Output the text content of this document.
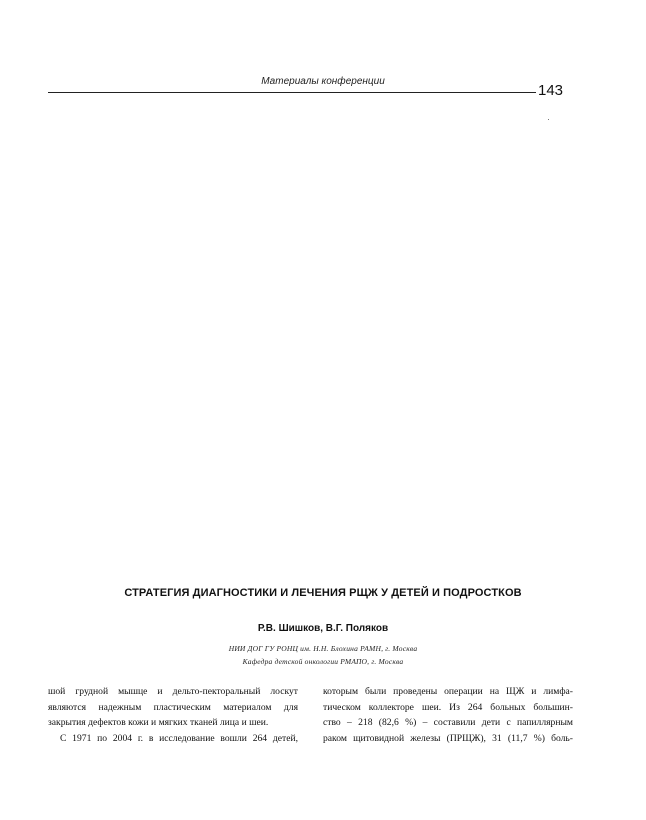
Материалы конференции
143
СТРАТЕГИЯ ДИАГНОСТИКИ И ЛЕЧЕНИЯ РЩЖ У ДЕТЕЙ И ПОДРОСТКОВ
Р.В. Шишков, В.Г. Поляков
НИИ ДОГ ГУ РОНЦ им. Н.Н. Блохина РАМН, г. Москва
Кафедра детской онкологии РМАПО, г. Москва
шой грудной мышце и дельто-пекторальный лоскут
являются надежным пластическим материалом для
закрытия дефектов кожи и мягких тканей лица и шеи.
С 1971 по 2004 г. в исследование вошли 264 детей,
которым были проведены операции на ЩЖ и лимфа-
тическом коллекторе шеи. Из 264 больных большин-
ство – 218 (82,6 %) – составили дети с папиллярным
раком щитовидной железы (ПРЩЖ), 31 (11,7 %) боль-
